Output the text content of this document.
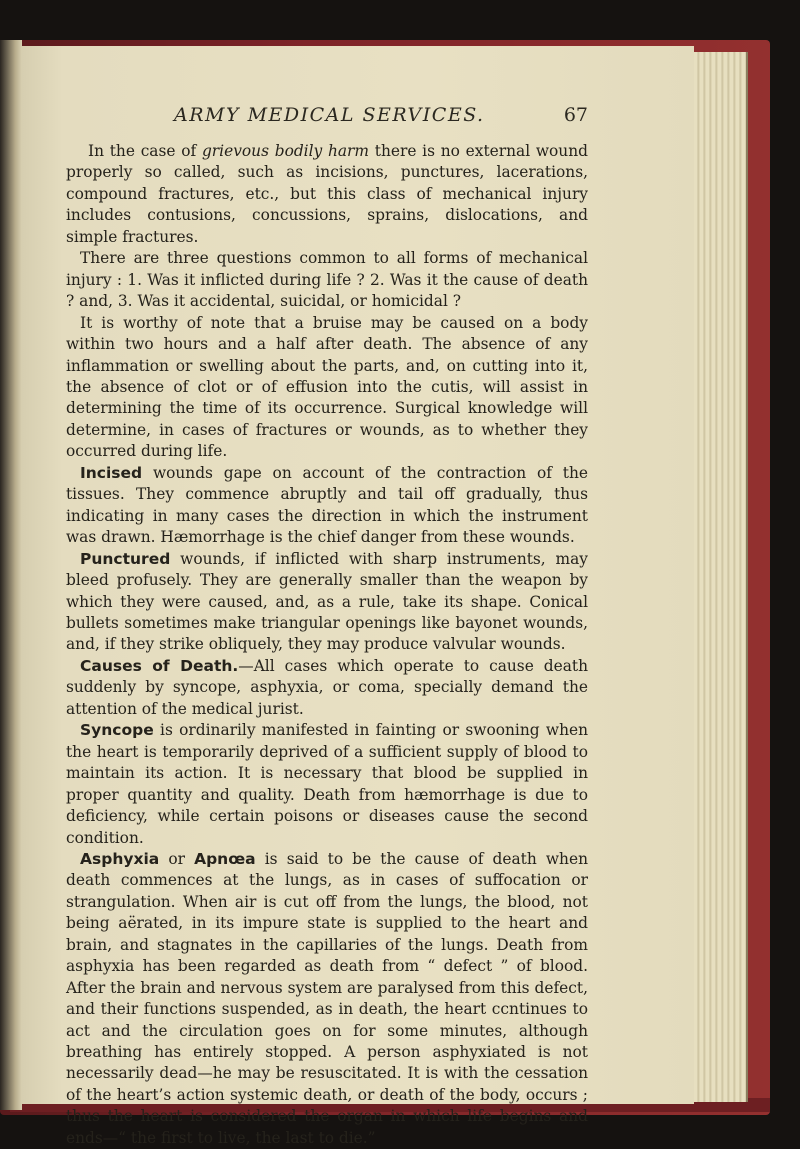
ARMY MEDICAL SERVICES.	67

In the case of grievous bodily harm there is no external wound properly so called, such as incisions, punctures, lacerations, compound fractures, etc., but this class of mechanical injury includes contusions, concussions, sprains, dislocations, and simple fractures.

There are three questions common to all forms of mechanical injury : 1. Was it inflicted during life ? 2. Was it the cause of death ? and, 3. Was it accidental, suicidal, or homicidal ?

It is worthy of note that a bruise may be caused on a body within two hours and a half after death. The absence of any inflammation or swelling about the parts, and, on cutting into it, the absence of clot or of effusion into the cutis, will assist in determining the time of its occurrence. Surgical knowledge will determine, in cases of fractures or wounds, as to whether they occurred during life.

Incised wounds gape on account of the contraction of the tissues. They commence abruptly and tail off gradually, thus indicating in many cases the direction in which the instrument was drawn. Hæmorrhage is the chief danger from these wounds.

Punctured wounds, if inflicted with sharp instruments, may bleed profusely. They are generally smaller than the weapon by which they were caused, and, as a rule, take its shape. Conical bullets sometimes make triangular openings like bayonet wounds, and, if they strike obliquely, they may produce valvular wounds.

Causes of Death.—All cases which operate to cause death suddenly by syncope, asphyxia, or coma, specially demand the attention of the medical jurist.

Syncope is ordinarily manifested in fainting or swooning when the heart is temporarily deprived of a sufficient supply of blood to maintain its action. It is necessary that blood be supplied in proper quantity and quality. Death from hæmorrhage is due to deficiency, while certain poisons or diseases cause the second condition.

Asphyxia or Apnœa is said to be the cause of death when death commences at the lungs, as in cases of suffocation or strangulation. When air is cut off from the lungs, the blood, not being aërated, in its impure state is supplied to the heart and brain, and stagnates in the capillaries of the lungs. Death from asphyxia has been regarded as death from “ defect ” of blood. After the brain and nervous system are paralysed from this defect, and their functions suspended, as in death, the heart ccntinues to act and the circulation goes on for some minutes, although breathing has entirely stopped. A person asphyxiated is not necessarily dead—he may be resuscitated. It is with the cessation of the heart’s action systemic death, or death of the body, occurs ; thus the heart is considered the organ in which life begins and ends—“ the first to live, the last to die.”
